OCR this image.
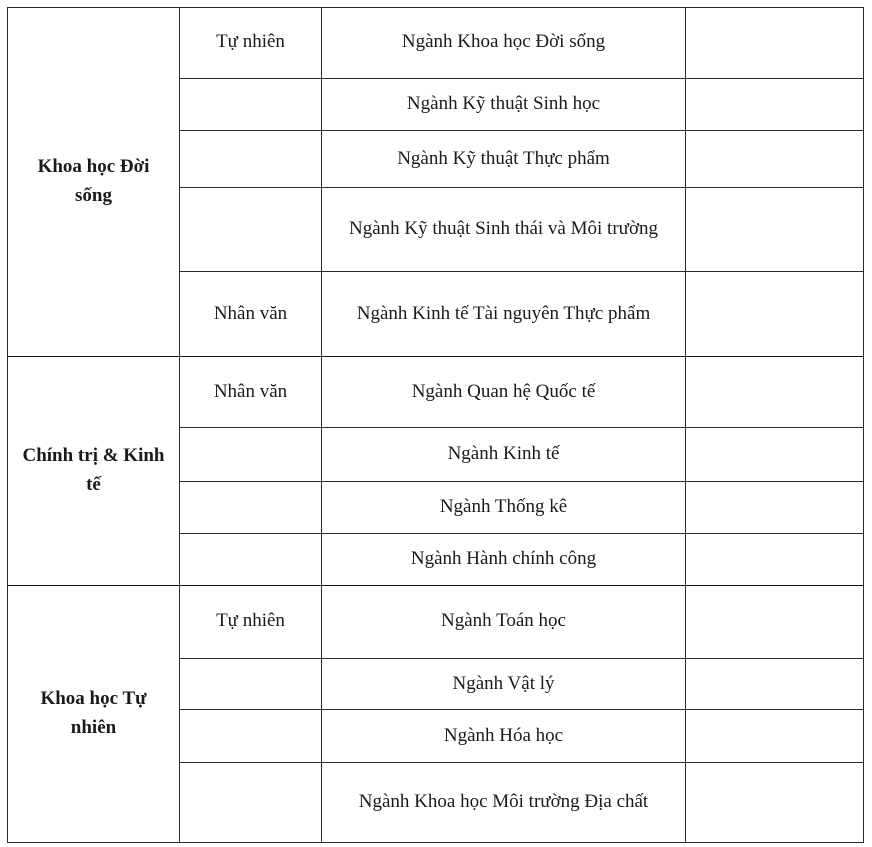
Khoa học Đời sống	Tự nhiên	Ngành Khoa học Đời sống	
		Ngành Kỹ thuật Sinh học	
		Ngành Kỹ thuật Thực phẩm	
		Ngành Kỹ thuật Sinh thái và Môi trường	
	Nhân văn	Ngành Kinh tế Tài nguyên Thực phẩm	
Chính trị & Kinh tế	Nhân văn	Ngành Quan hệ Quốc tế	
		Ngành Kinh tế	
		Ngành Thống kê	
		Ngành Hành chính công	
Khoa học Tự nhiên	Tự nhiên	Ngành Toán học	
		Ngành Vật lý	
		Ngành Hóa học	
		Ngành Khoa học Môi trường Địa chất	
